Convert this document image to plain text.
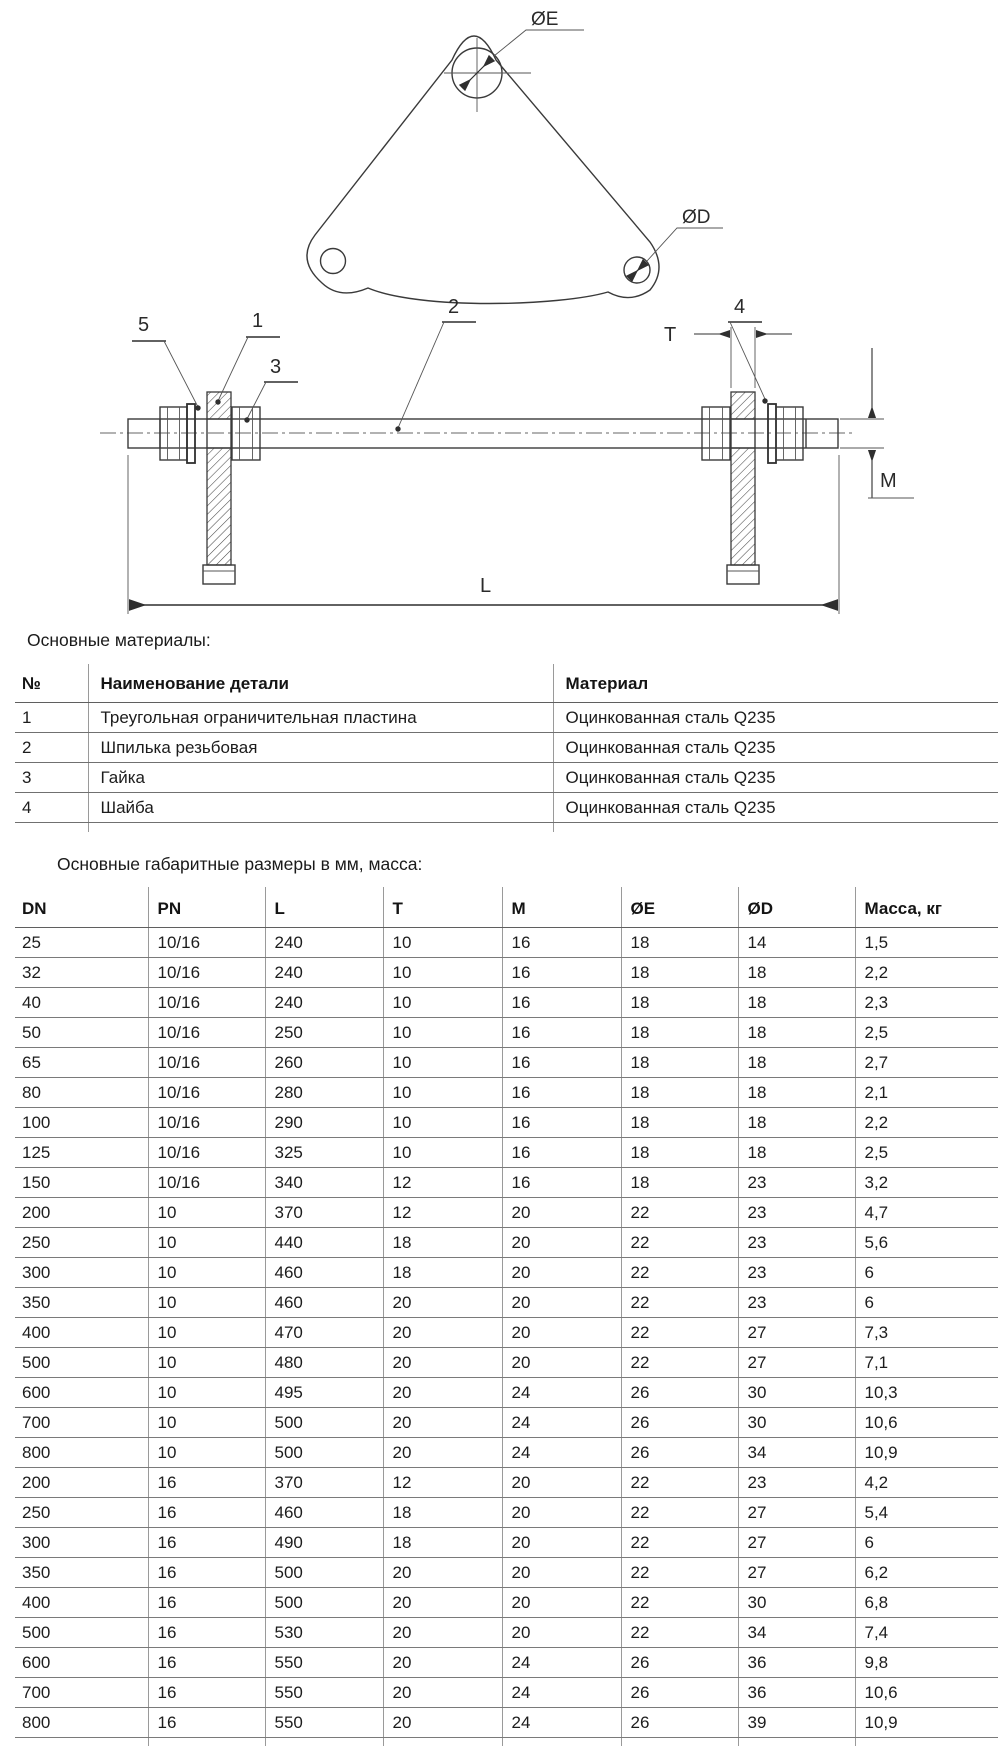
ØE
ØD
T
M
L
5	1
3
2	4

Основные материалы:

№	Наименование детали	Материал
1	Треугольная ограничительная пластина	Оцинкованная сталь Q235
2	Шпилька резьбовая	Оцинкованная сталь Q235
3	Гайка	Оцинкованная сталь Q235
4	Шайба	Оцинкованная сталь Q235

Основные габаритные размеры в мм, масса:

DN	PN	L	T	M	ØE	ØD	Масса, кг
25	10/16	240	10	16	18	14	1,5
32	10/16	240	10	16	18	18	2,2
40	10/16	240	10	16	18	18	2,3
50	10/16	250	10	16	18	18	2,5
65	10/16	260	10	16	18	18	2,7
80	10/16	280	10	16	18	18	2,1
100	10/16	290	10	16	18	18	2,2
125	10/16	325	10	16	18	18	2,5
150	10/16	340	12	16	18	23	3,2
200	10	370	12	20	22	23	4,7
250	10	440	18	20	22	23	5,6
300	10	460	18	20	22	23	6
350	10	460	20	20	22	23	6
400	10	470	20	20	22	27	7,3
500	10	480	20	20	22	27	7,1
600	10	495	20	24	26	30	10,3
700	10	500	20	24	26	30	10,6
800	10	500	20	24	26	34	10,9
200	16	370	12	20	22	23	4,2
250	16	460	18	20	22	27	5,4
300	16	490	18	20	22	27	6
350	16	500	20	20	22	27	6,2
400	16	500	20	20	22	30	6,8
500	16	530	20	20	22	34	7,4
600	16	550	20	24	26	36	9,8
700	16	550	20	24	26	36	10,6
800	16	550	20	24	26	39	10,9
